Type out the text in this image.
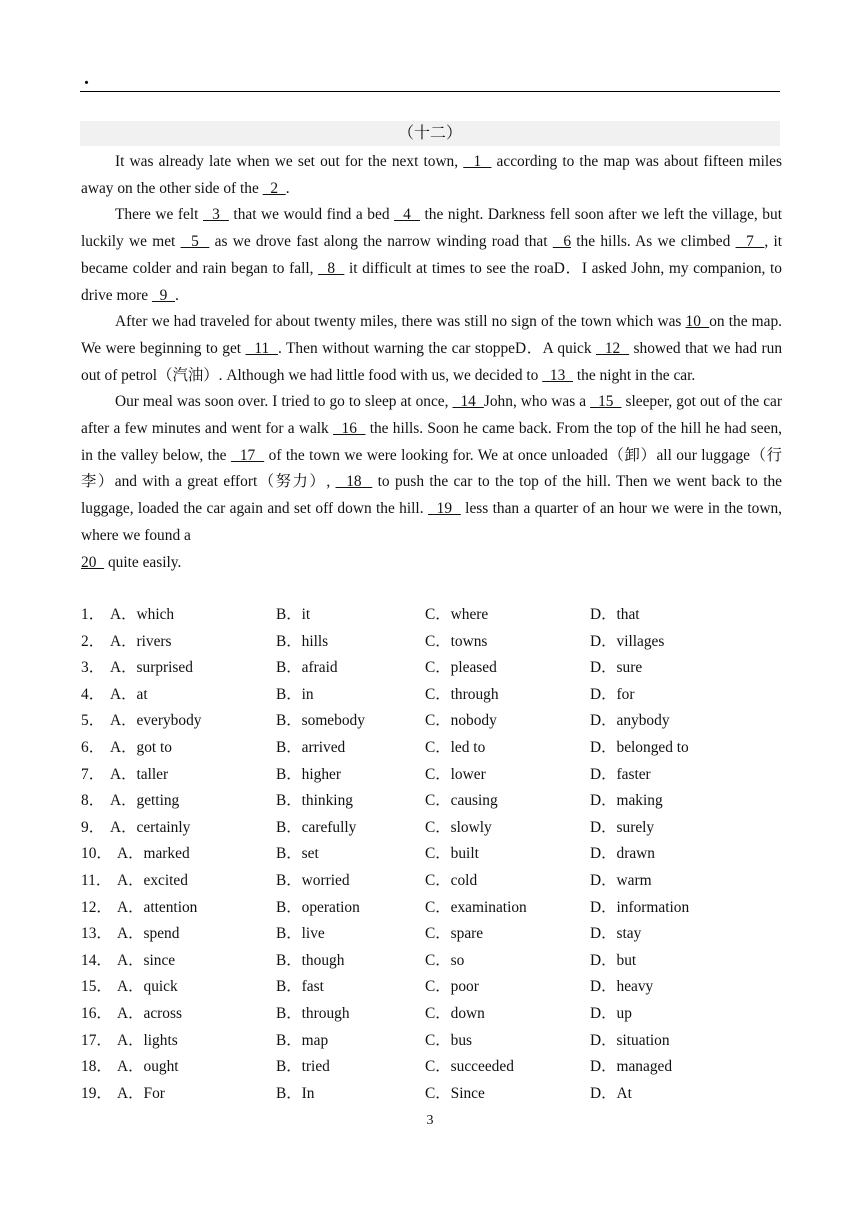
.
（十二）

It was already late when we set out for the next town,   1   according to the map was about fifteen miles away on the other side of the   2  .

There we felt   3   that we would find a bed   4   the night. Darkness fell soon after we left the village, but luckily we met   5   as we drove fast along the narrow winding road that   6 the hills. As we climbed   7  , it became colder and rain began to fall,   8   it difficult at times to see the roaD．I asked John, my companion, to drive more   9  .

After we had traveled for about twenty miles, there was still no sign of the town which was 10  on the map. We were beginning to get   11  . Then without warning the car stoppeD．A quick   12   showed that we had run out of petrol（汽油）. Although we had little food with us, we decided to   13   the night in the car.

Our meal was soon over. I tried to go to sleep at once,   14  John, who was a   15   sleeper, got out of the car after a few minutes and went for a walk   16   the hills. Soon he came back. From the top of the hill he had seen, in the valley below, the   17   of the town we were looking for. We at once unloaded（卸）all our luggage（行李）and with a great effort（努力）,   18   to push the car to the top of the hill. Then we went back to the luggage, loaded the car again and set off down the hill.   19   less than a quarter of an hour we were in the town, where we found a

20   quite easily.

1． A．which	B．it	C．where	D．that
2． A．rivers	B．hills	C．towns	D．villages
3． A．surprised	B．afraid	C．pleased	D．sure
4． A．at	B．in	C．through	D．for
5． A．everybody	B．somebody	C．nobody	D．anybody
6． A．got to	B．arrived	C．led to	D．belonged to
7． A．taller	B．higher	C．lower	D．faster
8． A．getting	B．thinking	C．causing	D．making
9． A．certainly	B．carefully	C．slowly	D．surely
10． A．marked	B．set	C．built	D．drawn
11． A．excited	B．worried	C．cold	D．warm
12． A．attention	B．operation	C．examination	D．information
13． A．spend	B．live	C．spare	D．stay
14． A．since	B．though	C．so	D．but
15． A．quick	B．fast	C．poor	D．heavy
16． A．across	B．through	C．down	D．up
17． A．lights	B．map	C．bus	D．situation
18． A．ought	B．tried	C．succeeded	D．managed
19． A．For	B．In	C．Since	D．At
3
